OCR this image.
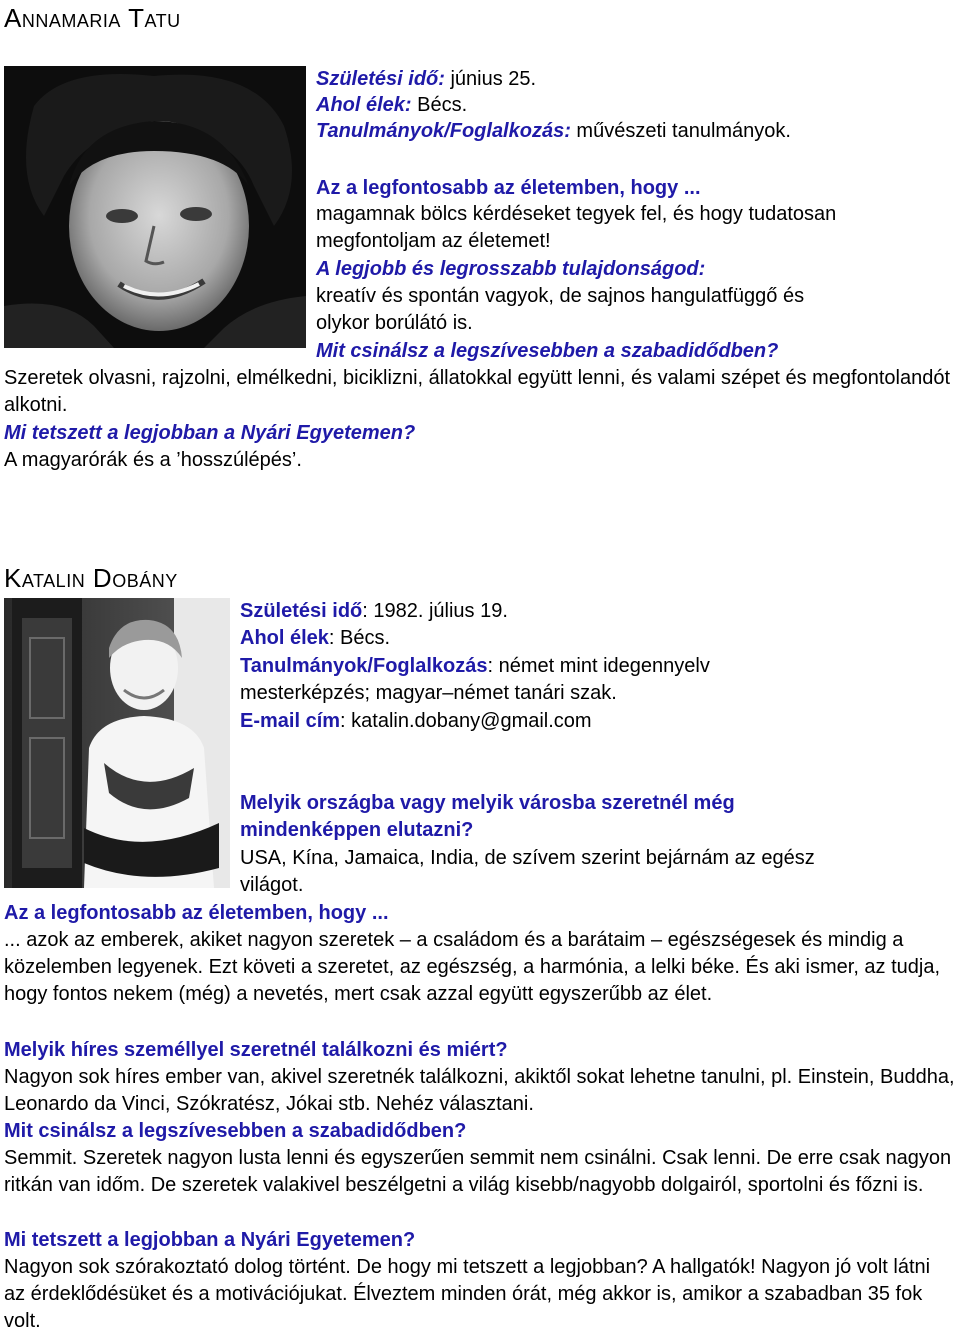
Annamaria Tatu
Születési idő: június 25.
Ahol élek: Bécs.
Tanulmányok/Foglalkozás: művészeti tanulmányok.
Az a legfontosabb az életemben, hogy ...
magamnak bölcs kérdéseket tegyek fel, és hogy tudatosan
megfontoljam az életemet!
A legjobb és legrosszabb tulajdonságod:
kreatív és spontán vagyok, de sajnos hangulatfüggő és
olykor borúlátó is.
Mit csinálsz a legszívesebben a szabadidődben?
Szeretek olvasni, rajzolni, elmélkedni, biciklizni, állatokkal együtt lenni, és valami szépet és megfontolandót alkotni.
Mi tetszett a legjobban a Nyári Egyetemen?
A magyarórák és a ’hosszúlépés’.
Katalin Dobány
Születési idő: 1982. július 19.
Ahol élek: Bécs.
Tanulmányok/Foglalkozás: német mint idegennyelv
mesterképzés; magyar–német tanári szak.
E-mail cím: katalin.dobany@gmail.com
Melyik országba vagy melyik városba szeretnél még
mindenképpen elutazni?
USA, Kína, Jamaica, India, de szívem szerint bejárnám az egész
világot.
Az a legfontosabb az életemben, hogy ...
... azok az emberek, akiket nagyon szeretek – a családom és a barátaim – egészségesek és mindig a közelemben legyenek. Ezt követi a szeretet, az egészség, a harmónia, a lelki béke. És aki ismer, az tudja, hogy fontos nekem (még) a nevetés, mert csak azzal együtt egyszerűbb az élet.
Melyik híres személlyel szeretnél találkozni és miért?
Nagyon sok híres ember van, akivel szeretnék találkozni, akiktől sokat lehetne tanulni, pl. Einstein, Buddha, Leonardo da Vinci, Szókratész, Jókai stb. Nehéz választani.
Mit csinálsz a legszívesebben a szabadidődben?
Semmit. Szeretek nagyon lusta lenni és egyszerűen semmit nem csinálni. Csak lenni. De erre csak nagyon ritkán van időm. De szeretek valakivel beszélgetni a világ kisebb/nagyobb dolgairól, sportolni és főzni is.
Mi tetszett a legjobban a Nyári Egyetemen?
Nagyon sok szórakoztató dolog történt. De hogy mi tetszett a legjobban? A hallgatók! Nagyon jó volt látni az érdeklődésüket és a motivációjukat. Élveztem minden órát, még akkor is, amikor a szabadban 35 fok volt.
